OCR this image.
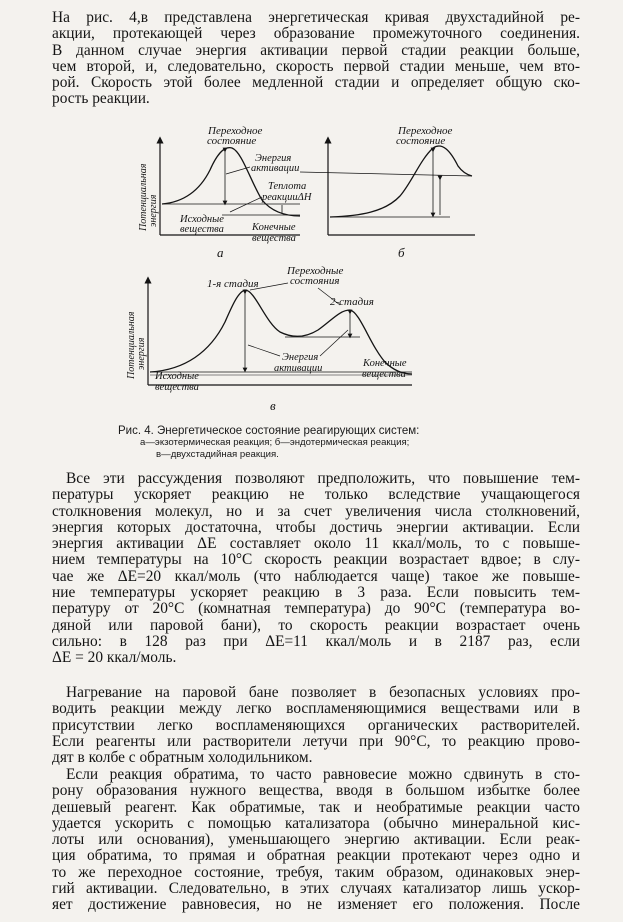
На рис. 4,в представлена энергетическая кривая двухстадийной ре-
акции, протекающей через образование промежуточного соединения.
В данном случае энергия активации первой стадии реакции больше,
чем второй, и, следовательно, скорость первой стадии меньше, чем вто-
рой. Скорость этой более медленной стадии и определяет общую ско-
рость реакции.
Переходное
состояние
Энергия
активации
Теплота
реакцииΔH
Исходные
вещества	Конечные
вещества
а
Потенциальная энергия
Переходное
состояние
б
1-я стадия
2-стадия
Переходные
состояния
Энергия
активации
Исходные
вещества
Конечные
вещества
в
Потенциальная энергия
Рис. 4. Энергетическое состояние реагирующих систем:
а—экзотермическая реакция; б—эндотермическая реакция;
в—двухстадийная реакция.
Все эти рассуждения позволяют предположить, что повышение тем-
пературы ускоряет реакцию не только вследствие учащающегося
столкновения молекул, но и за счет увеличения числа столкновений,
энергия которых достаточна, чтобы достичь энергии активации. Если
энергия активации ΔE составляет около 11 ккал/моль, то с повыше-
нием температуры на 10°C скорость реакции возрастает вдвое; в слу-
чае же ΔE=20 ккал/моль (что наблюдается чаще) такое же повыше-
ние температуры ускоряет реакцию в 3 раза. Если повысить тем-
пературу от 20°C (комнатная температура) до 90°C (температура во-
дяной или паровой бани), то скорость реакции возрастает очень
сильно: в 128 раз при ΔE=11 ккал/моль и в 2187 раз, если
ΔE = 20 ккал/моль.
Нагревание на паровой бане позволяет в безопасных условиях про-
водить реакции между легко воспламеняющимися веществами или в
присутствии легко воспламеняющихся органических растворителей.
Если реагенты или растворители летучи при 90°C, то реакцию прово-
дят в колбе с обратным холодильником.
Если реакция обратима, то часто равновесие можно сдвинуть в сто-
рону образования нужного вещества, вводя в большом избытке более
дешевый реагент. Как обратимые, так и необратимые реакции часто
удается ускорить с помощью катализатора (обычно минеральной кис-
лоты или основания), уменьшающего энергию активации. Если реак-
ция обратима, то прямая и обратная реакции протекают через одно и
то же переходное состояние, требуя, таким образом, одинаковых энер-
гий активации. Следовательно, в этих случаях катализатор лишь ускор-
яет достижение равновесия, но не изменяет его положения. После
